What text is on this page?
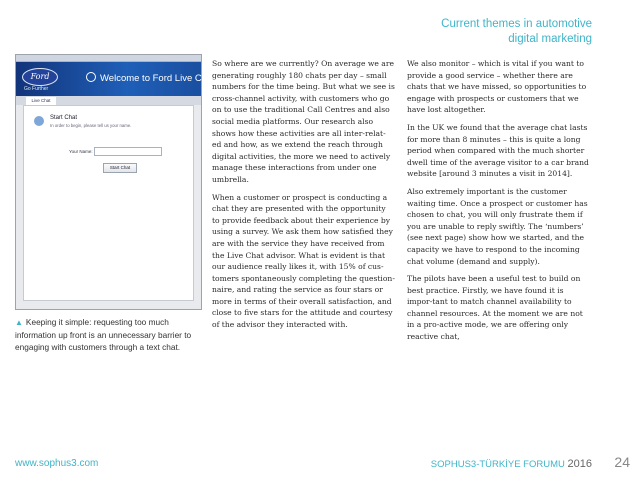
Current themes in automotive
digital marketing
Ford
Go Further
Welcome to Ford Live Chat
Live Chat
Start Chat
In order to begin, please tell us your name.
Your Name:
Start Chat
▲ Keeping it simple: requesting too much information up front is an unnecessary barrier to engaging with customers through a text chat.

So where are we currently? On average we are generating roughly 180 chats per day – small numbers for the time being. But what we see is cross-channel activity, with customers who go on to use the traditional Call Centres and also social media platforms. Our research also shows how these activities are all inter-relat-ed and how, as we extend the reach through digital activities, the more we need to actively manage these interactions from under one umbrella.

When a customer or prospect is conducting a chat they are presented with the opportunity to provide feedback about their experience by using a survey. We ask them how satisfied they are with the service they have received from the Live Chat advisor. What is evident is that our audience really likes it, with 15% of cus-tomers spontaneously completing the question-naire, and rating the service as four stars or more in terms of their overall satisfaction, and close to five stars for the attitude and courtesy of the advisor they interacted with.

We also monitor – which is vital if you want to provide a good service – whether there are chats that we have missed, so opportunities to engage with prospects or customers that we have lost altogether.

In the UK we found that the average chat lasts for more than 8 minutes – this is quite a long period when compared with the much shorter dwell time of the average visitor to a car brand website [around 3 minutes a visit in 2014].

Also extremely important is the customer waiting time. Once a prospect or customer has chosen to chat, you will only frustrate them if you are unable to reply swiftly. The ‘numbers’ (see next page) show how we started, and the capacity we have to respond to the incoming chat volume (demand and supply).

The pilots have been a useful test to build on best practice. Firstly, we have found it is impor-tant to match channel availability to channel resources. At the moment we are not in a pro-active mode, we are offering only reactive chat,

www.sophus3.com	SOPHUS3-TÜRKİYE FORUMU 2016 24
